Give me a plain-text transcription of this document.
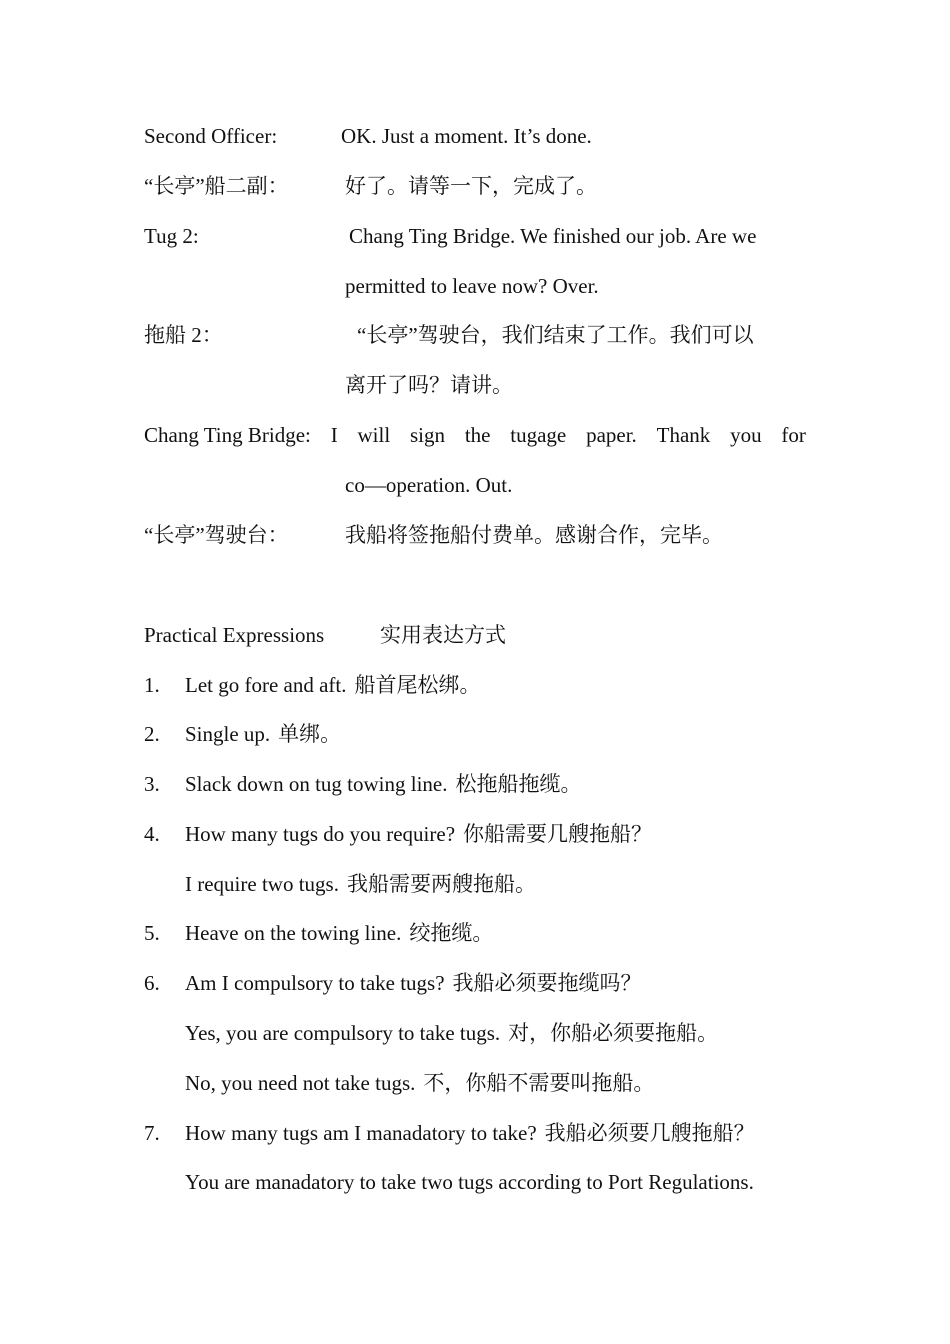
Second Officer:	OK. Just a moment. It’s done.
“长亭”船二副：	好了。请等一下，完成了。
Tug 2:	Chang Ting Bridge. We finished our job. Are we
permitted to leave now? Over.
拖船 2：	“长亭”驾驶台，我们结束了工作。我们可以
离开了吗？请讲。
Chang Ting Bridge: I will sign the tugage paper. Thank you for
co—operation. Out.
“长亭”驾驶台：	我船将签拖船付费单。感谢合作，完毕。
Practical Expressions	实用表达方式
1. Let go fore and aft. 船首尾松绑。
2. Single up. 单绑。
3. Slack down on tug towing line. 松拖船拖缆。
4. How many tugs do you require? 你船需要几艘拖船？
I require two tugs. 我船需要两艘拖船。
5. Heave on the towing line. 绞拖缆。
6. Am I compulsory to take tugs? 我船必须要拖缆吗？
Yes, you are compulsory to take tugs. 对，你船必须要拖船。
No, you need not take tugs. 不，你船不需要叫拖船。
7. How many tugs am I manadatory to take? 我船必须要几艘拖船？
You are manadatory to take two tugs according to Port Regulations.
